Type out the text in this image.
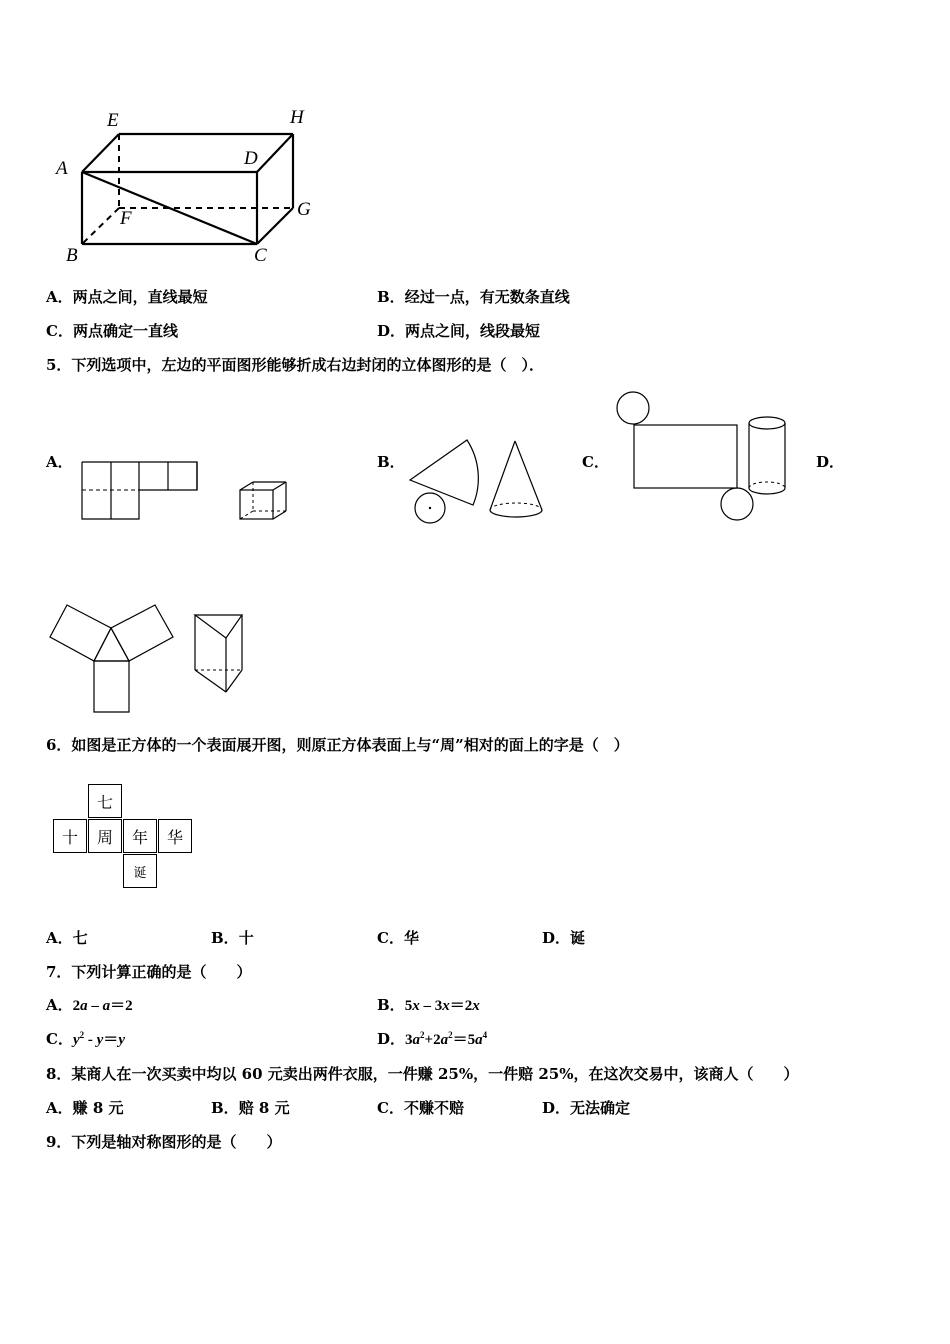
E	H
A	D
F	G
B	C
A．两点之间，直线最短	B．经过一点，有无数条直线
C．两点确定一直线	D．两点之间，线段最短
5．下列选项中，左边的平面图形能够折成右边封闭的立体图形的是（　）．
A．	B．	C．	D．
6．如图是正方体的一个表面展开图，则原正方体表面上与“周”相对的面上的字是（　）
七
十	周	年	华
诞
A．七	B．十	C．华	D．诞
7．下列计算正确的是（　　）
A．2a – a＝2	B．5x – 3x＝2x
C．$y^2 - y=y$	D．$3a^2+2a^2=5a^4$
8．某商人在一次买卖中均以 60 元卖出两件衣服，一件赚 25%，一件赔 25%，在这次交易中，该商人（　　）
A．赚 8 元	B．赔 8 元	C．不赚不赔	D．无法确定
9．下列是轴对称图形的是（　　）
